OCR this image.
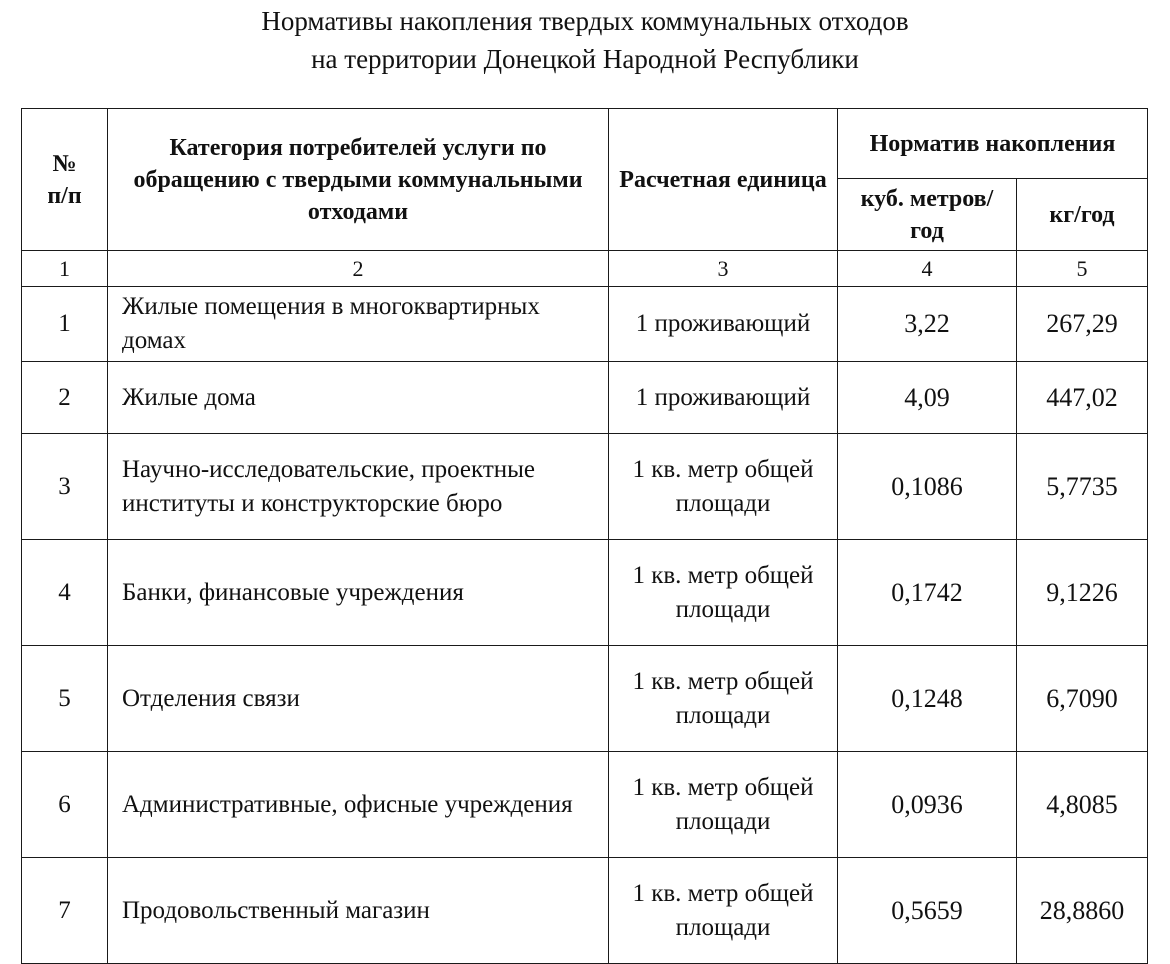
Нормативы накопления твердых коммунальных отходов
на территории Донецкой Народной Республики
№
п/п	Категория потребителей услуги по обращению с твердыми коммунальными отходами	Расчетная единица	Норматив накопления	
			куб. метров/год	кг/год
1	2	3	4	5
1	Жилые помещения в многоквартирных домах	1 проживающий	3,22	267,29
2	Жилые дома	1 проживающий	4,09	447,02
3	Научно-исследовательские, проектные институты и конструкторские бюро	1 кв. метр общей площади	0,1086	5,7735
4	Банки, финансовые учреждения	1 кв. метр общей площади	0,1742	9,1226
5	Отделения связи	1 кв. метр общей площади	0,1248	6,7090
6	Административные, офисные учреждения	1 кв. метр общей площади	0,0936	4,8085
7	Продовольственный магазин	1 кв. метр общей площади	0,5659	28,8860
